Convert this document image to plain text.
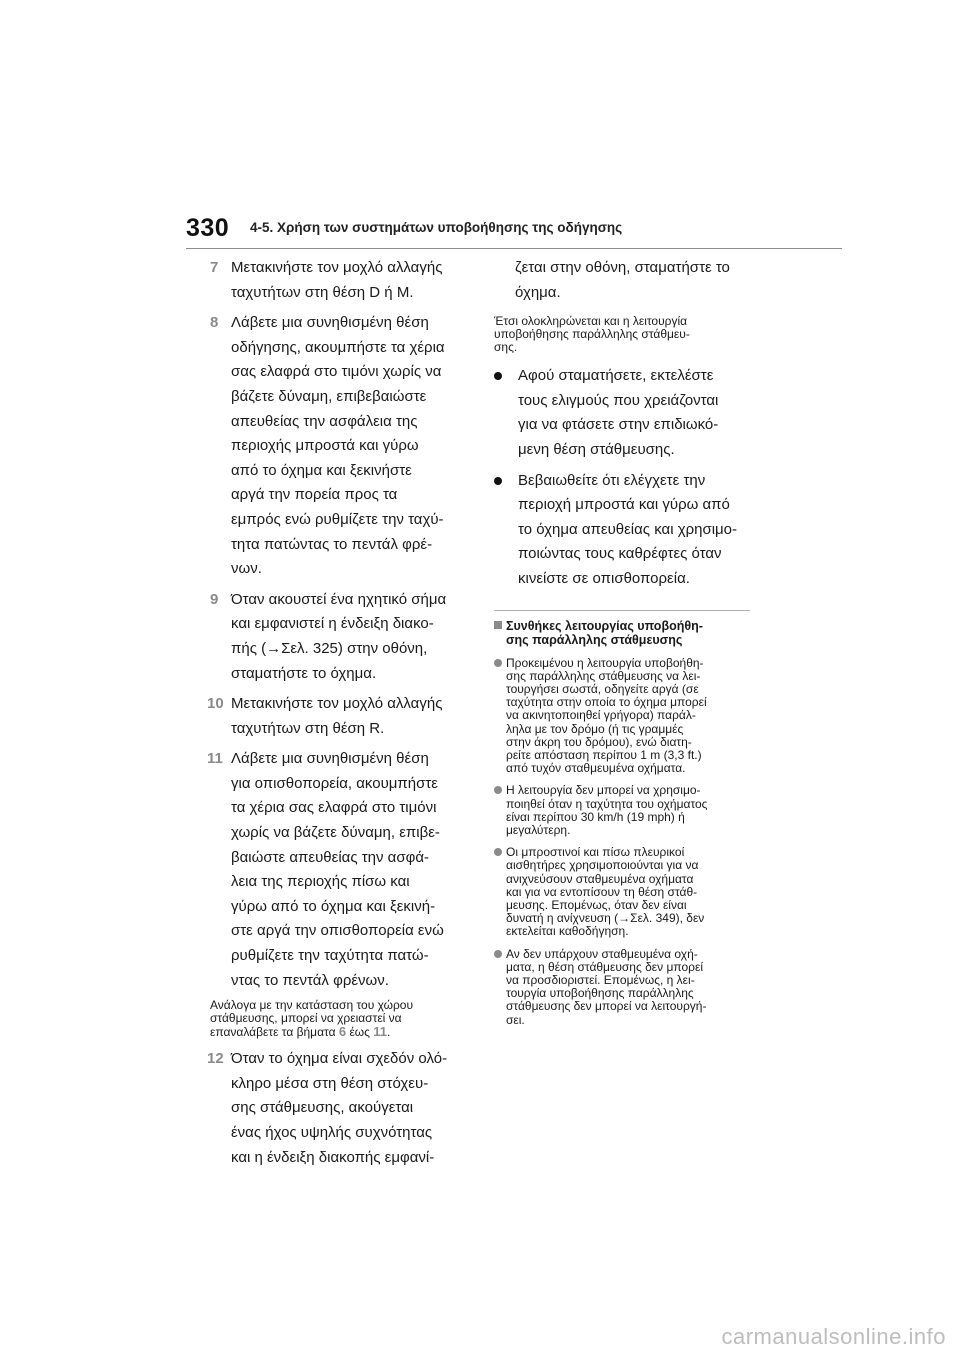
330 4-5. Χρήση των συστημάτων υποβοήθησης της οδήγησης
7 Μετακινήστε τον μοχλό αλλαγής
ταχυτήτων στη θέση D ή M.
8 Λάβετε μια συνηθισμένη θέση
οδήγησης, ακουμπήστε τα χέρια
σας ελαφρά στο τιμόνι χωρίς να
βάζετε δύναμη, επιβεβαιώστε
απευθείας την ασφάλεια της
περιοχής μπροστά και γύρω
από το όχημα και ξεκινήστε
αργά την πορεία προς τα
εμπρός ενώ ρυθμίζετε την ταχύ-
τητα πατώντας το πεντάλ φρέ-
νων.
9 Όταν ακουστεί ένα ηχητικό σήμα
και εμφανιστεί η ένδειξη διακο-
πής (→Σελ. 325) στην οθόνη,
σταματήστε το όχημα.
10 Μετακινήστε τον μοχλό αλλαγής
ταχυτήτων στη θέση R.
11 Λάβετε μια συνηθισμένη θέση
για οπισθοπορεία, ακουμπήστε
τα χέρια σας ελαφρά στο τιμόνι
χωρίς να βάζετε δύναμη, επιβε-
βαιώστε απευθείας την ασφά-
λεια της περιοχής πίσω και
γύρω από το όχημα και ξεκινή-
στε αργά την οπισθοπορεία ενώ
ρυθμίζετε την ταχύτητα πατώ-
ντας το πεντάλ φρένων.
Ανάλογα με την κατάσταση του χώρου
στάθμευσης, μπορεί να χρειαστεί να
επαναλάβετε τα βήματα 6 έως 11.
12 Όταν το όχημα είναι σχεδόν ολό-
κληρο μέσα στη θέση στόχευ-
σης στάθμευσης, ακούγεται
ένας ήχος υψηλής συχνότητας
και η ένδειξη διακοπής εμφανί-
ζεται στην οθόνη, σταματήστε το
όχημα.
Έτσι ολοκληρώνεται και η λειτουργία
υποβοήθησης παράλληλης στάθμευ-
σης.
Αφού σταματήσετε, εκτελέστε
τους ελιγμούς που χρειάζονται
για να φτάσετε στην επιδιωκό-
μενη θέση στάθμευσης.
Βεβαιωθείτε ότι ελέγχετε την
περιοχή μπροστά και γύρω από
το όχημα απευθείας και χρησιμο-
ποιώντας τους καθρέφτες όταν
κινείστε σε οπισθοπορεία.
Συνθήκες λειτουργίας υποβοήθη-
σης παράλληλης στάθμευσης
Προκειμένου η λειτουργία υποβοήθη-
σης παράλληλης στάθμευσης να λει-
τουργήσει σωστά, οδηγείτε αργά (σε
ταχύτητα στην οποία το όχημα μπορεί
να ακινητοποιηθεί γρήγορα) παράλ-
ληλα με τον δρόμο (ή τις γραμμές
στην άκρη του δρόμου), ενώ διατη-
ρείτε απόσταση περίπου 1 m (3,3 ft.)
από τυχόν σταθμευμένα οχήματα.
Η λειτουργία δεν μπορεί να χρησιμο-
ποιηθεί όταν η ταχύτητα του οχήματος
είναι περίπου 30 km/h (19 mph) ή
μεγαλύτερη.
Οι μπροστινοί και πίσω πλευρικοί
αισθητήρες χρησιμοποιούνται για να
ανιχνεύσουν σταθμευμένα οχήματα
και για να εντοπίσουν τη θέση στάθ-
μευσης. Επομένως, όταν δεν είναι
δυνατή η ανίχνευση (→Σελ. 349), δεν
εκτελείται καθοδήγηση.
Αν δεν υπάρχουν σταθμευμένα οχή-
ματα, η θέση στάθμευσης δεν μπορεί
να προσδιοριστεί. Επομένως, η λει-
τουργία υποβοήθησης παράλληλης
στάθμευσης δεν μπορεί να λειτουργή-
σει.
carmanualsonline.info
